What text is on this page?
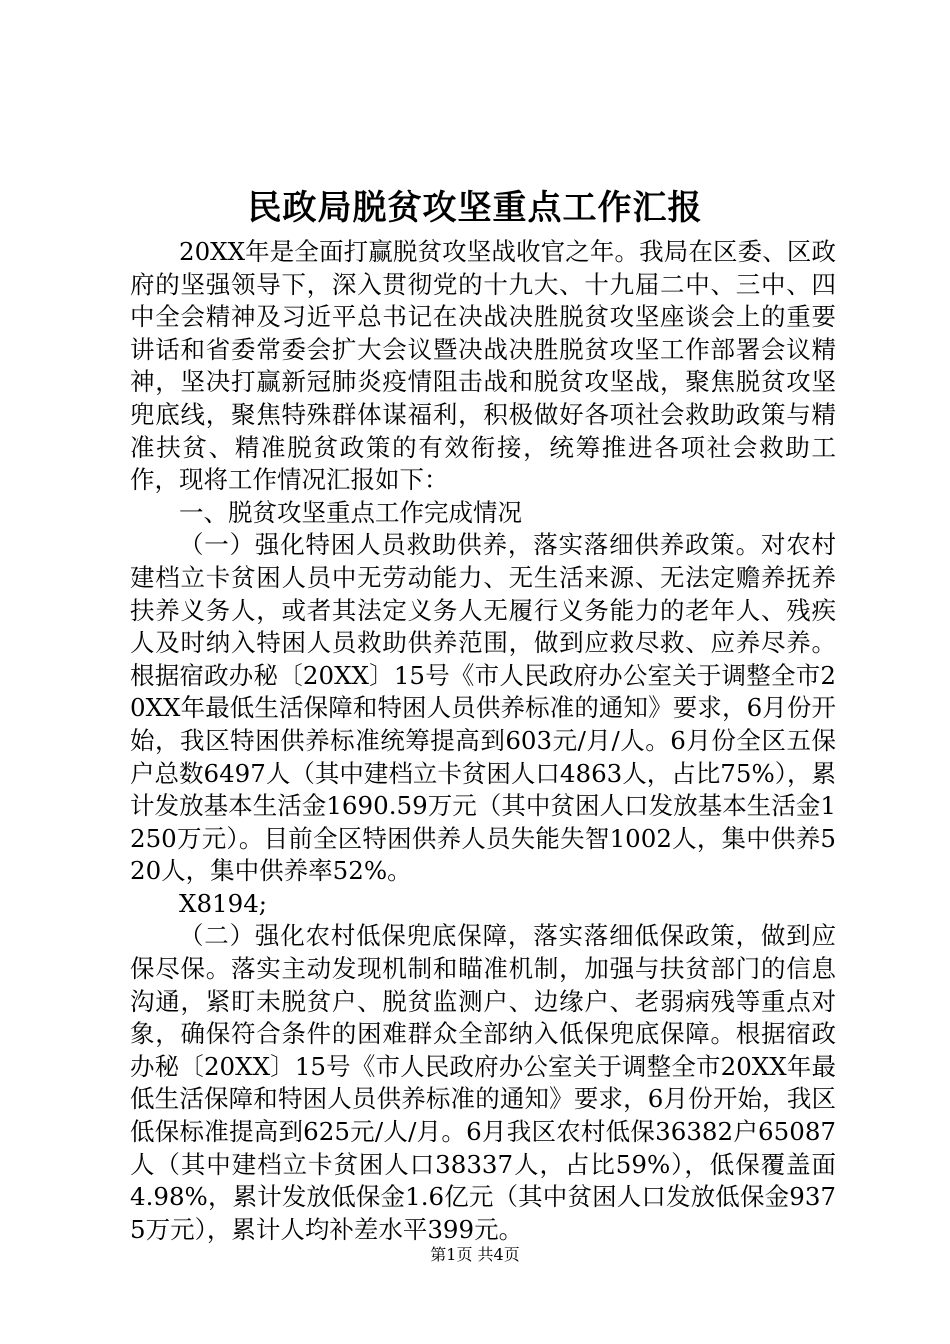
民政局脱贫攻坚重点工作汇报

20XX年是全面打赢脱贫攻坚战收官之年。我局在区委、区政府的坚强领导下，深入贯彻党的十九大、十九届二中、三中、四中全会精神及习近平总书记在决战决胜脱贫攻坚座谈会上的重要讲话和省委常委会扩大会议暨决战决胜脱贫攻坚工作部署会议精神，坚决打赢新冠肺炎疫情阻击战和脱贫攻坚战，聚焦脱贫攻坚兜底线，聚焦特殊群体谋福利，积极做好各项社会救助政策与精准扶贫、精准脱贫政策的有效衔接，统筹推进各项社会救助工作，现将工作情况汇报如下：

一、脱贫攻坚重点工作完成情况

（一）强化特困人员救助供养，落实落细供养政策。对农村建档立卡贫困人员中无劳动能力、无生活来源、无法定赡养抚养扶养义务人，或者其法定义务人无履行义务能力的老年人、残疾人及时纳入特困人员救助供养范围，做到应救尽救、应养尽养。根据宿政办秘〔20XX〕15号《市人民政府办公室关于调整全市20XX年最低生活保障和特困人员供养标准的通知》要求，6月份开始，我区特困供养标准统筹提高到603元/月/人。6月份全区五保户总数6497人（其中建档立卡贫困人口4863人，占比75%），累计发放基本生活金1690.59万元（其中贫困人口发放基本生活金1250万元）。目前全区特困供养人员失能失智1002人，集中供养520人，集中供养率52%。

X8194;

（二）强化农村低保兜底保障，落实落细低保政策，做到应保尽保。落实主动发现机制和瞄准机制，加强与扶贫部门的信息沟通，紧盯未脱贫户、脱贫监测户、边缘户、老弱病残等重点对象，确保符合条件的困难群众全部纳入低保兜底保障。根据宿政办秘〔20XX〕15号《市人民政府办公室关于调整全市20XX年最低生活保障和特困人员供养标准的通知》要求，6月份开始，我区低保标准提高到625元/人/月。6月我区农村低保36382户65087人（其中建档立卡贫困人口38337人，占比59%），低保覆盖面4.98%，累计发放低保金1.6亿元（其中贫困人口发放低保金9375万元），累计人均补差水平399元。

第1页 共4页
